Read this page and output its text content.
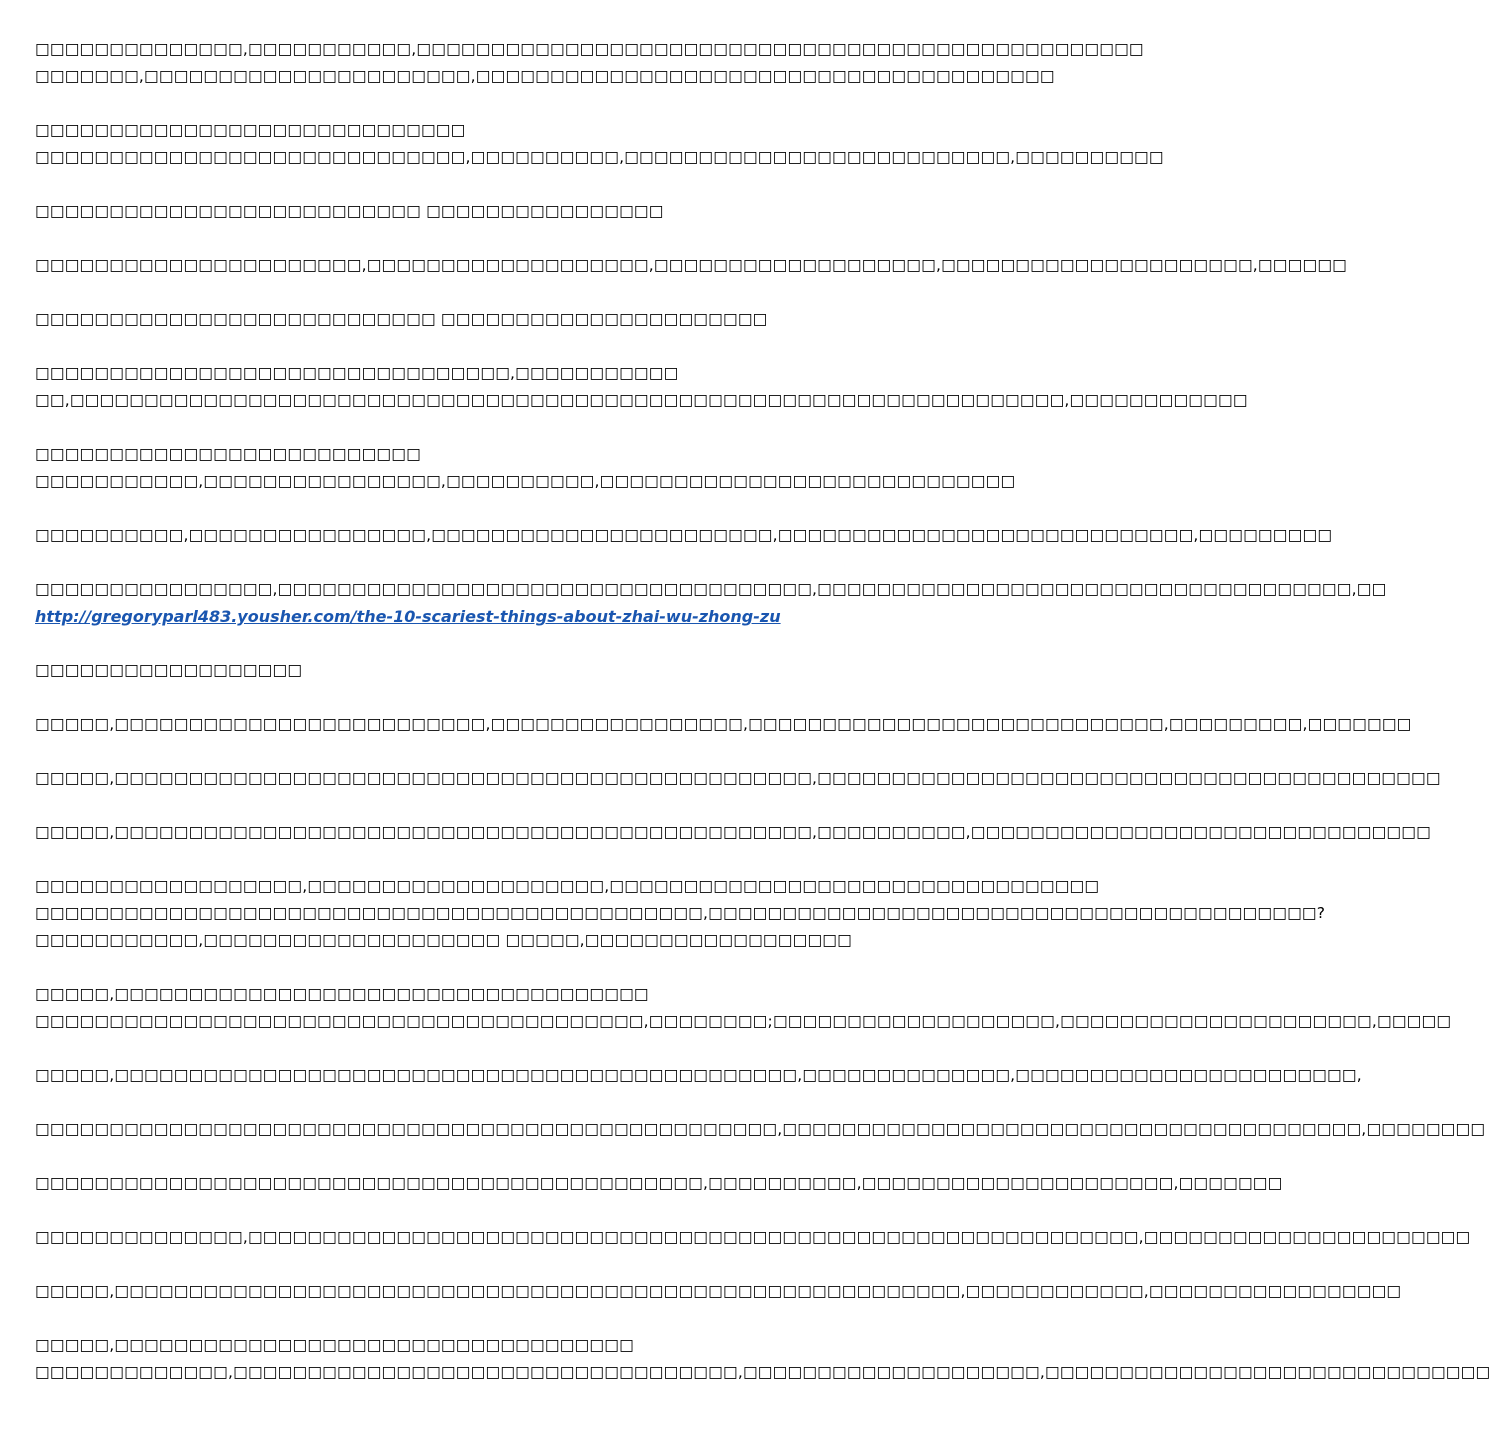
□□□□□□□□□□□□□□,□□□□□□□□□□□,□□□□□□□□□□□□□□□□□□□□□□□□□□□□□□□□□□□□□□□□□□□□□□□□□
□□□□□□□,□□□□□□□□□□□□□□□□□□□□□□,□□□□□□□□□□□□□□□□□□□□□□□□□□□□□□□□□□□□□□□
□□□□□□□□□□□□□□□□□□□□□□□□□□□□□
□□□□□□□□□□□□□□□□□□□□□□□□□□□□□,□□□□□□□□□□,□□□□□□□□□□□□□□□□□□□□□□□□□□,□□□□□□□□□□
□□□□□□□□□□□□□□□□□□□□□□□□□□ □□□□□□□□□□□□□□□□
□□□□□□□□□□□□□□□□□□□□□□,□□□□□□□□□□□□□□□□□□□,□□□□□□□□□□□□□□□□□□□,□□□□□□□□□□□□□□□□□□□□□,□□□□□□
□□□□□□□□□□□□□□□□□□□□□□□□□□□ □□□□□□□□□□□□□□□□□□□□□□
□□□□□□□□□□□□□□□□□□□□□□□□□□□□□□□□,□□□□□□□□□□□
□□,□□□□□□□□□□□□□□□□□□□□□□□□□□□□□□□□□□□□□□□□□□□□□□□□□□□□□□□□□□□□□□□□□□□,□□□□□□□□□□□□
□□□□□□□□□□□□□□□□□□□□□□□□□□
□□□□□□□□□□□,□□□□□□□□□□□□□□□□,□□□□□□□□□□,□□□□□□□□□□□□□□□□□□□□□□□□□□□□
□□□□□□□□□□,□□□□□□□□□□□□□□□□,□□□□□□□□□□□□□□□□□□□□□□□,□□□□□□□□□□□□□□□□□□□□□□□□□□□□,□□□□□□□□□
□□□□□□□□□□□□□□□□,□□□□□□□□□□□□□□□□□□□□□□□□□□□□□□□□□□□□,□□□□□□□□□□□□□□□□□□□□□□□□□□□□□□□□□□□□,□□
http://gregoryparl483.yousher.com/the-10-scariest-things-about-zhai-wu-zhong-zu
□□□□□□□□□□□□□□□□□□
□□□□□,□□□□□□□□□□□□□□□□□□□□□□□□□,□□□□□□□□□□□□□□□□□,□□□□□□□□□□□□□□□□□□□□□□□□□□□□,□□□□□□□□□,□□□□□□□
□□□□□,□□□□□□□□□□□□□□□□□□□□□□□□□□□□□□□□□□□□□□□□□□□□□□□,□□□□□□□□□□□□□□□□□□□□□□□□□□□□□□□□□□□□□□□□□□
□□□□□,□□□□□□□□□□□□□□□□□□□□□□□□□□□□□□□□□□□□□□□□□□□□□□□,□□□□□□□□□□,□□□□□□□□□□□□□□□□□□□□□□□□□□□□□□□
□□□□□□□□□□□□□□□□□□,□□□□□□□□□□□□□□□□□□□□,□□□□□□□□□□□□□□□□□□□□□□□□□□□□□□□□□
□□□□□□□□□□□□□□□□□□□□□□□□□□□□□□□□□□□□□□□□□□□□□,□□□□□□□□□□□□□□□□□□□□□□□□□□□□□□□□□□□□□□□□□?
□□□□□□□□□□□,□□□□□□□□□□□□□□□□□□□□ □□□□□,□□□□□□□□□□□□□□□□□□
□□□□□,□□□□□□□□□□□□□□□□□□□□□□□□□□□□□□□□□□□□
□□□□□□□□□□□□□□□□□□□□□□□□□□□□□□□□□□□□□□□□□,□□□□□□□□;□□□□□□□□□□□□□□□□□□□,□□□□□□□□□□□□□□□□□□□□□,□□□□□
□□□□□,□□□□□□□□□□□□□□□□□□□□□□□□□□□□□□□□□□□□□□□□□□□□□□,□□□□□□□□□□□□□□,□□□□□□□□□□□□□□□□□□□□□□□,
□□□□□□□□□□□□□□□□□□□□□□□□□□□□□□□□□□□□□□□□□□□□□□□□□□,□□□□□□□□□□□□□□□□□□□□□□□□□□□□□□□□□□□□□□□,□□□□□□□□
□□□□□□□□□□□□□□□□□□□□□□□□□□□□□□□□□□□□□□□□□□□□□,□□□□□□□□□□,□□□□□□□□□□□□□□□□□□□□□,□□□□□□□
□□□□□□□□□□□□□□,□□□□□□□□□□□□□□□□□□□□□□□□□□□□□□□□□□□□□□□□□□□□□□□□□□□□□□□□□□□□,□□□□□□□□□□□□□□□□□□□□□□
□□□□□,□□□□□□□□□□□□□□□□□□□□□□□□□□□□□□□□□□□□□□□□□□□□□□□□□□□□□□□□□,□□□□□□□□□□□□,□□□□□□□□□□□□□□□□□
□□□□□,□□□□□□□□□□□□□□□□□□□□□□□□□□□□□□□□□□□
□□□□□□□□□□□□□,□□□□□□□□□□□□□□□□□□□□□□□□□□□□□□□□□□,□□□□□□□□□□□□□□□□□□□□,□□□□□□□□□□□□□□□□□□□□□□□□□□□□□□
